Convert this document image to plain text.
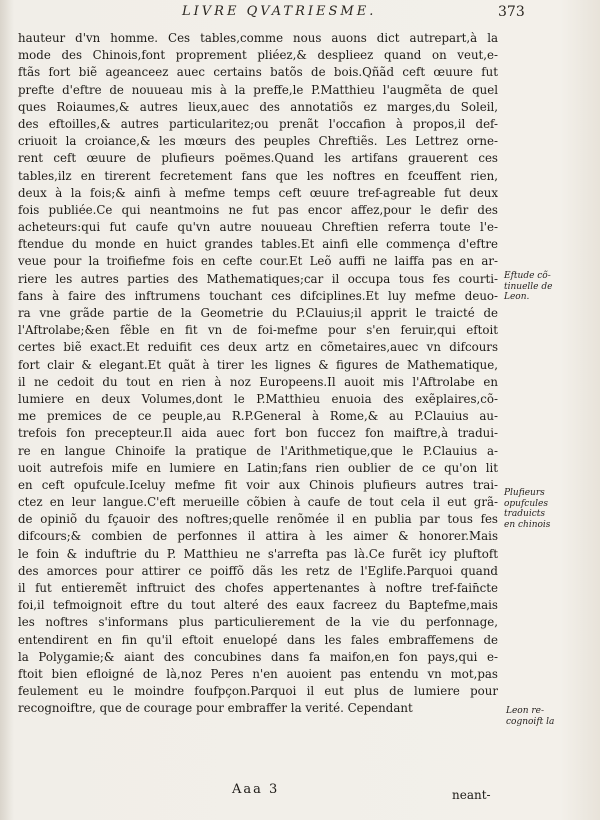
LIVRE QVATRIESME.	373
hauteur d'vn homme. Ces tables,comme nous auons dict autrepart,à la
mode des Chinois,font proprement pliéez,& desplieez quand on veut,e-
ftãs fort biẽ ageanceez auec certains batõs de bois.Qñãd ceft œuure fut
prefte d'eftre de nouueau mis à la preffe,le P.Matthieu l'augmẽta de quel
ques Roiaumes,& autres lieux,auec des annotatiõs ez marges,du Soleil,
des eftoilles,& autres particularitez;ou prenãt l'occafion à propos,il def-
criuoit la croiance,& les mœurs des peuples Chreftiẽs. Les Lettrez orne-
rent ceft œuure de plufieurs poëmes.Quand les artifans grauerent ces
tables,ilz en tirerent fecretement fans que les noftres en fceuffent rien,
deux à la fois;& ainfi à mefme temps ceft œuure tref-agreable fut deux
fois publiée.Ce qui neantmoins ne fut pas encor affez,pour le defir des
acheteurs:qui fut caufe qu'vn autre nouueau Chreftien referra toute l'e-
ftendue du monde en huict grandes tables.Et ainfi elle commença d'eftre
veue pour la troifiefme fois en cefte cour.Et Leõ auffi ne laiffa pas en ar-
riere les autres parties des Mathematiques;car il occupa tous fes courti-
fans à faire des inftrumens touchant ces difciplines.Et luy mefme deuo-
ra vne grãde partie de la Geometrie du P.Clauius;il apprit le traicté de
l'Aftrolabe;&en fẽble en fit vn de foi-mefme pour s'en feruir,qui eftoit
certes biẽ exact.Et reduifit ces deux artz en cõmetaires,auec vn difcours
fort clair & elegant.Et quãt à tirer les lignes & figures de Mathematique,
il ne cedoit du tout en rien à noz Europeens.Il auoit mis l'Aftrolabe en
lumiere en deux Volumes,dont le P.Matthieu enuoia des exẽplaires,cõ-
me premices de ce peuple,au R.P.General à Rome,& au P.Clauius au-
trefois fon precepteur.Il aida auec fort bon fuccez fon maiftre,à tradui-
re en langue Chinoife la pratique de l'Arithmetique,que le P.Clauius a-
uoit autrefois mife en lumiere en Latin;fans rien oublier de ce qu'on lit
en ceft opufcule.Iceluy mefme fit voir aux Chinois plufieurs autres trai-
ctez en leur langue.C'eft merueille cõbien à caufe de tout cela il eut grã-
de opiniõ du fçauoir des noftres;quelle renõmée il en publia par tous fes
difcours;& combien de perfonnes il attira à les aimer & honorer.Mais
le foin & induftrie du P. Matthieu ne s'arrefta pas là.Ce furẽt icy pluftoft
des amorces pour attirer ce poiffõ dãs les retz de l'Eglife.Parquoi quand
il fut entieremẽt inftruict des chofes appertenantes à noftre tref-fain̄cte
foi,il tefmoignoit eftre du tout alteré des eaux facreez du Baptefme,mais
les noftres s'informans plus particulierement de la vie du perfonnage,
entendirent en fin qu'il eftoit enuelopé dans les fales embraffemens de
la Polygamie;& aiant des concubines dans fa maifon,en fon pays,qui e-
ftoit bien efloigné de là,noz Peres n'en auoient pas entendu vn mot,pas
feulement eu le moindre foufpçon.Parquoi il eut plus de lumiere pour
recognoiftre, que de courage pour embraffer la verité. Cependant
Eftude cõ-
tinuelle de
Leon.
Plufieurs
opufcules
traduicts
en chinois
Leon re-
cognoift la
Aaa 3	neant-
